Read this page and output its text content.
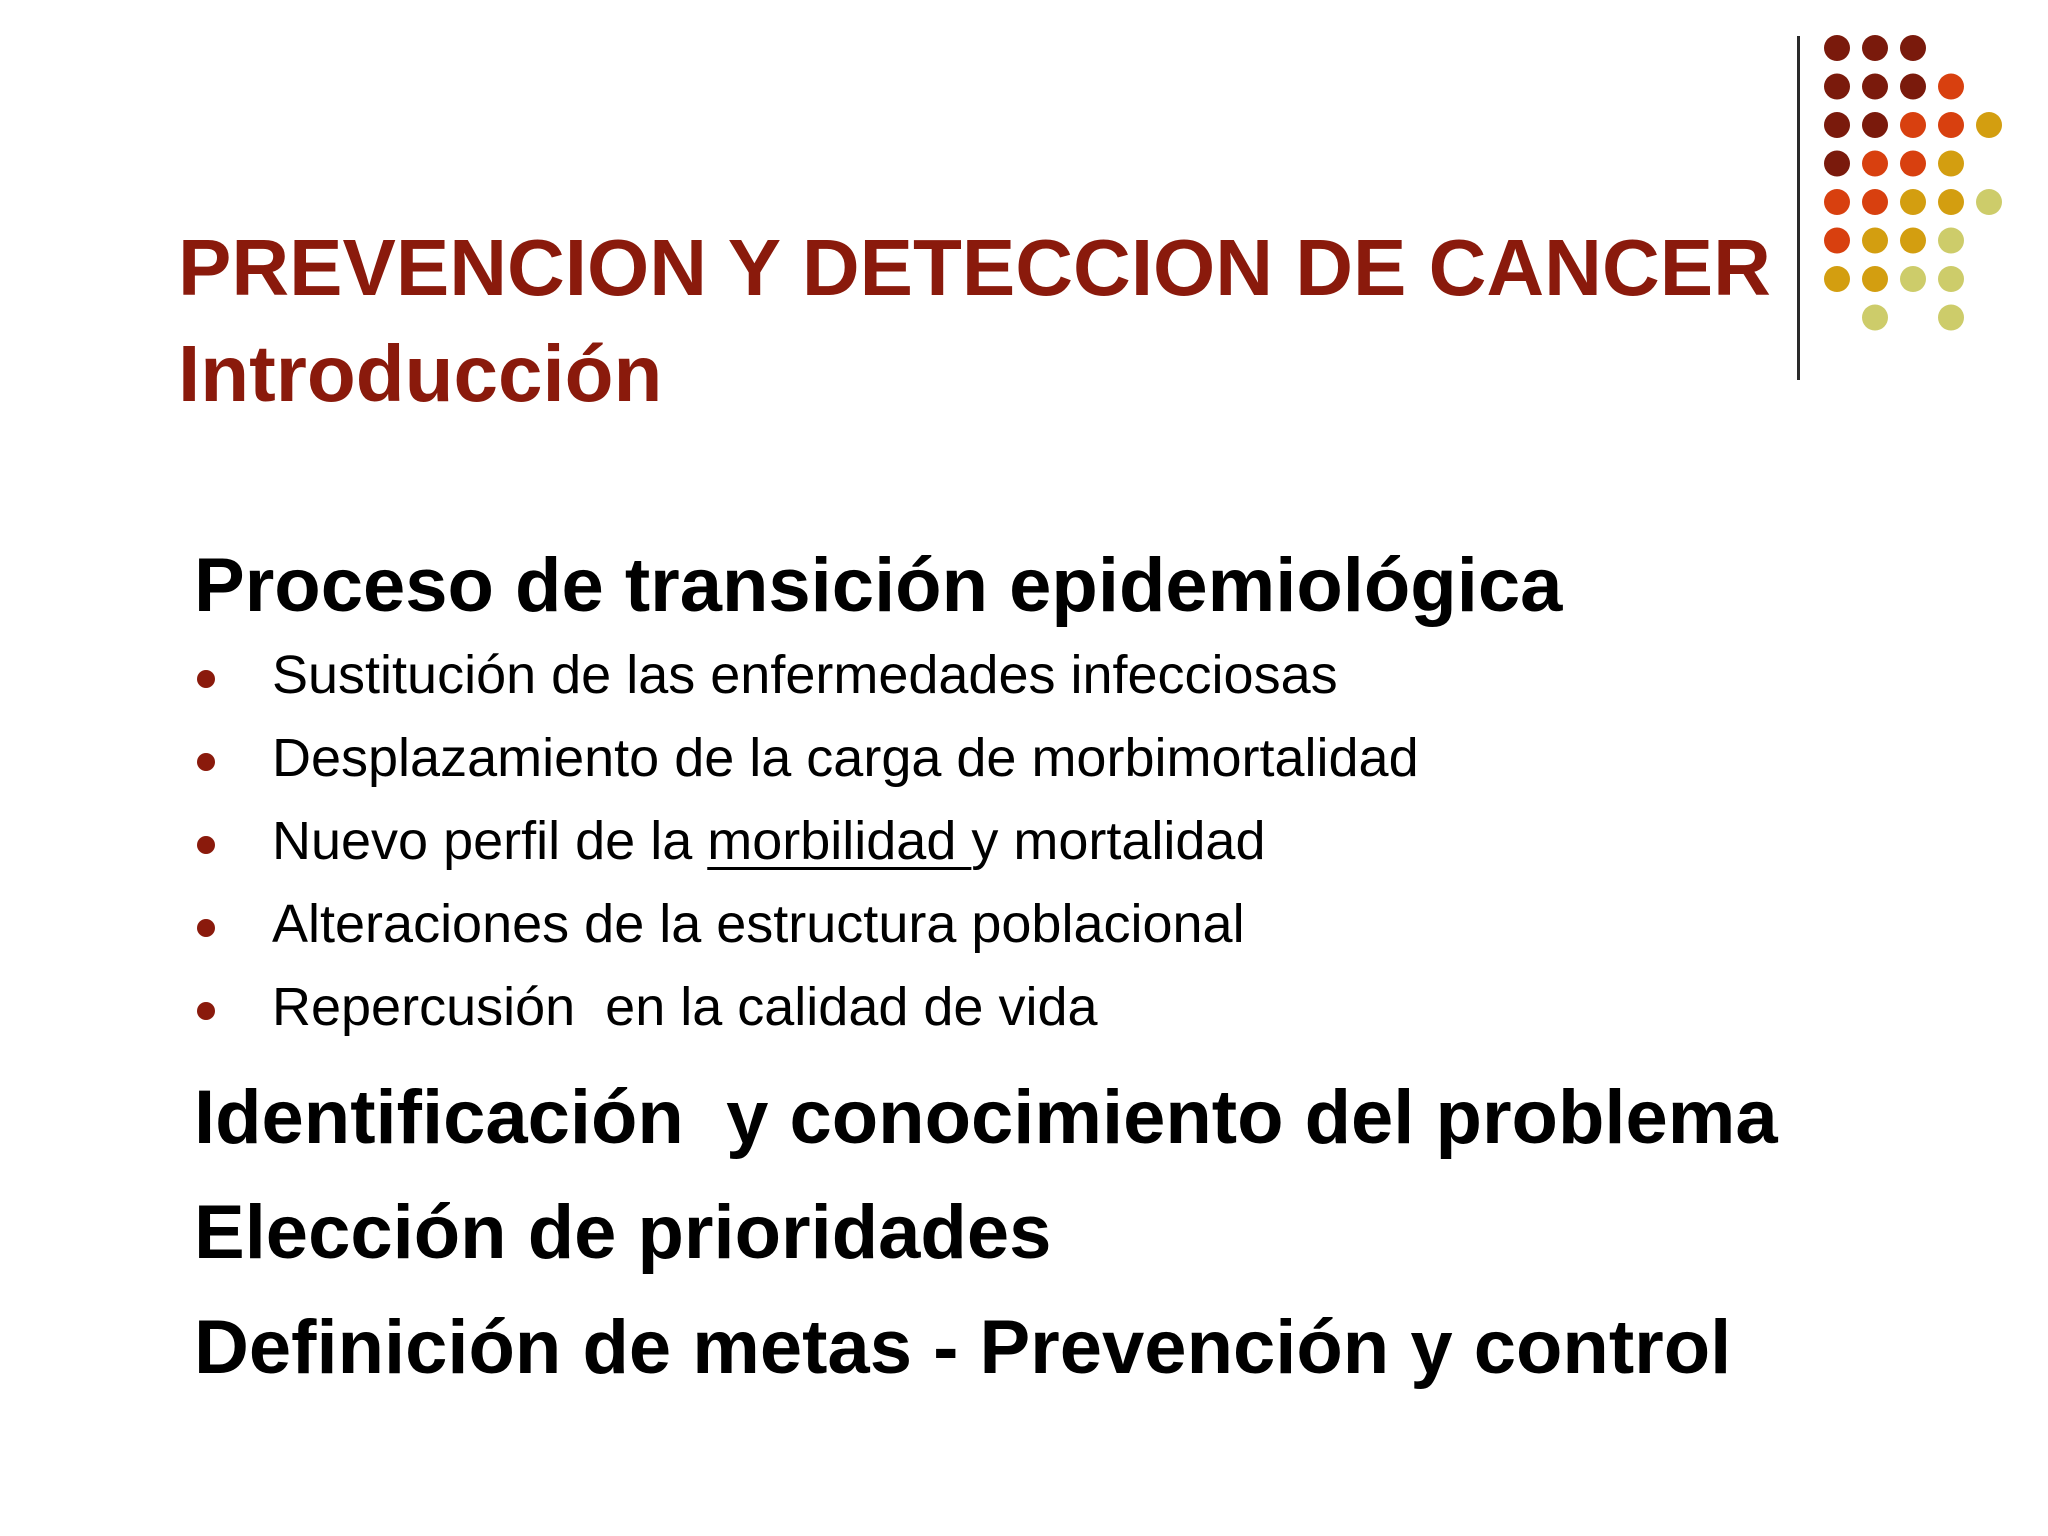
PREVENCION Y DETECCION DE CANCER
Introducción
Proceso de transición epidemiológica
Sustitución de las enfermedades infecciosas
Desplazamiento de la carga de morbimortalidad
Nuevo perfil de la morbilidad y mortalidad
Alteraciones de la estructura poblacional
Repercusión  en la calidad de vida
Identificación  y conocimiento del problema
Elección de prioridades
Definición de metas - Prevención y control
